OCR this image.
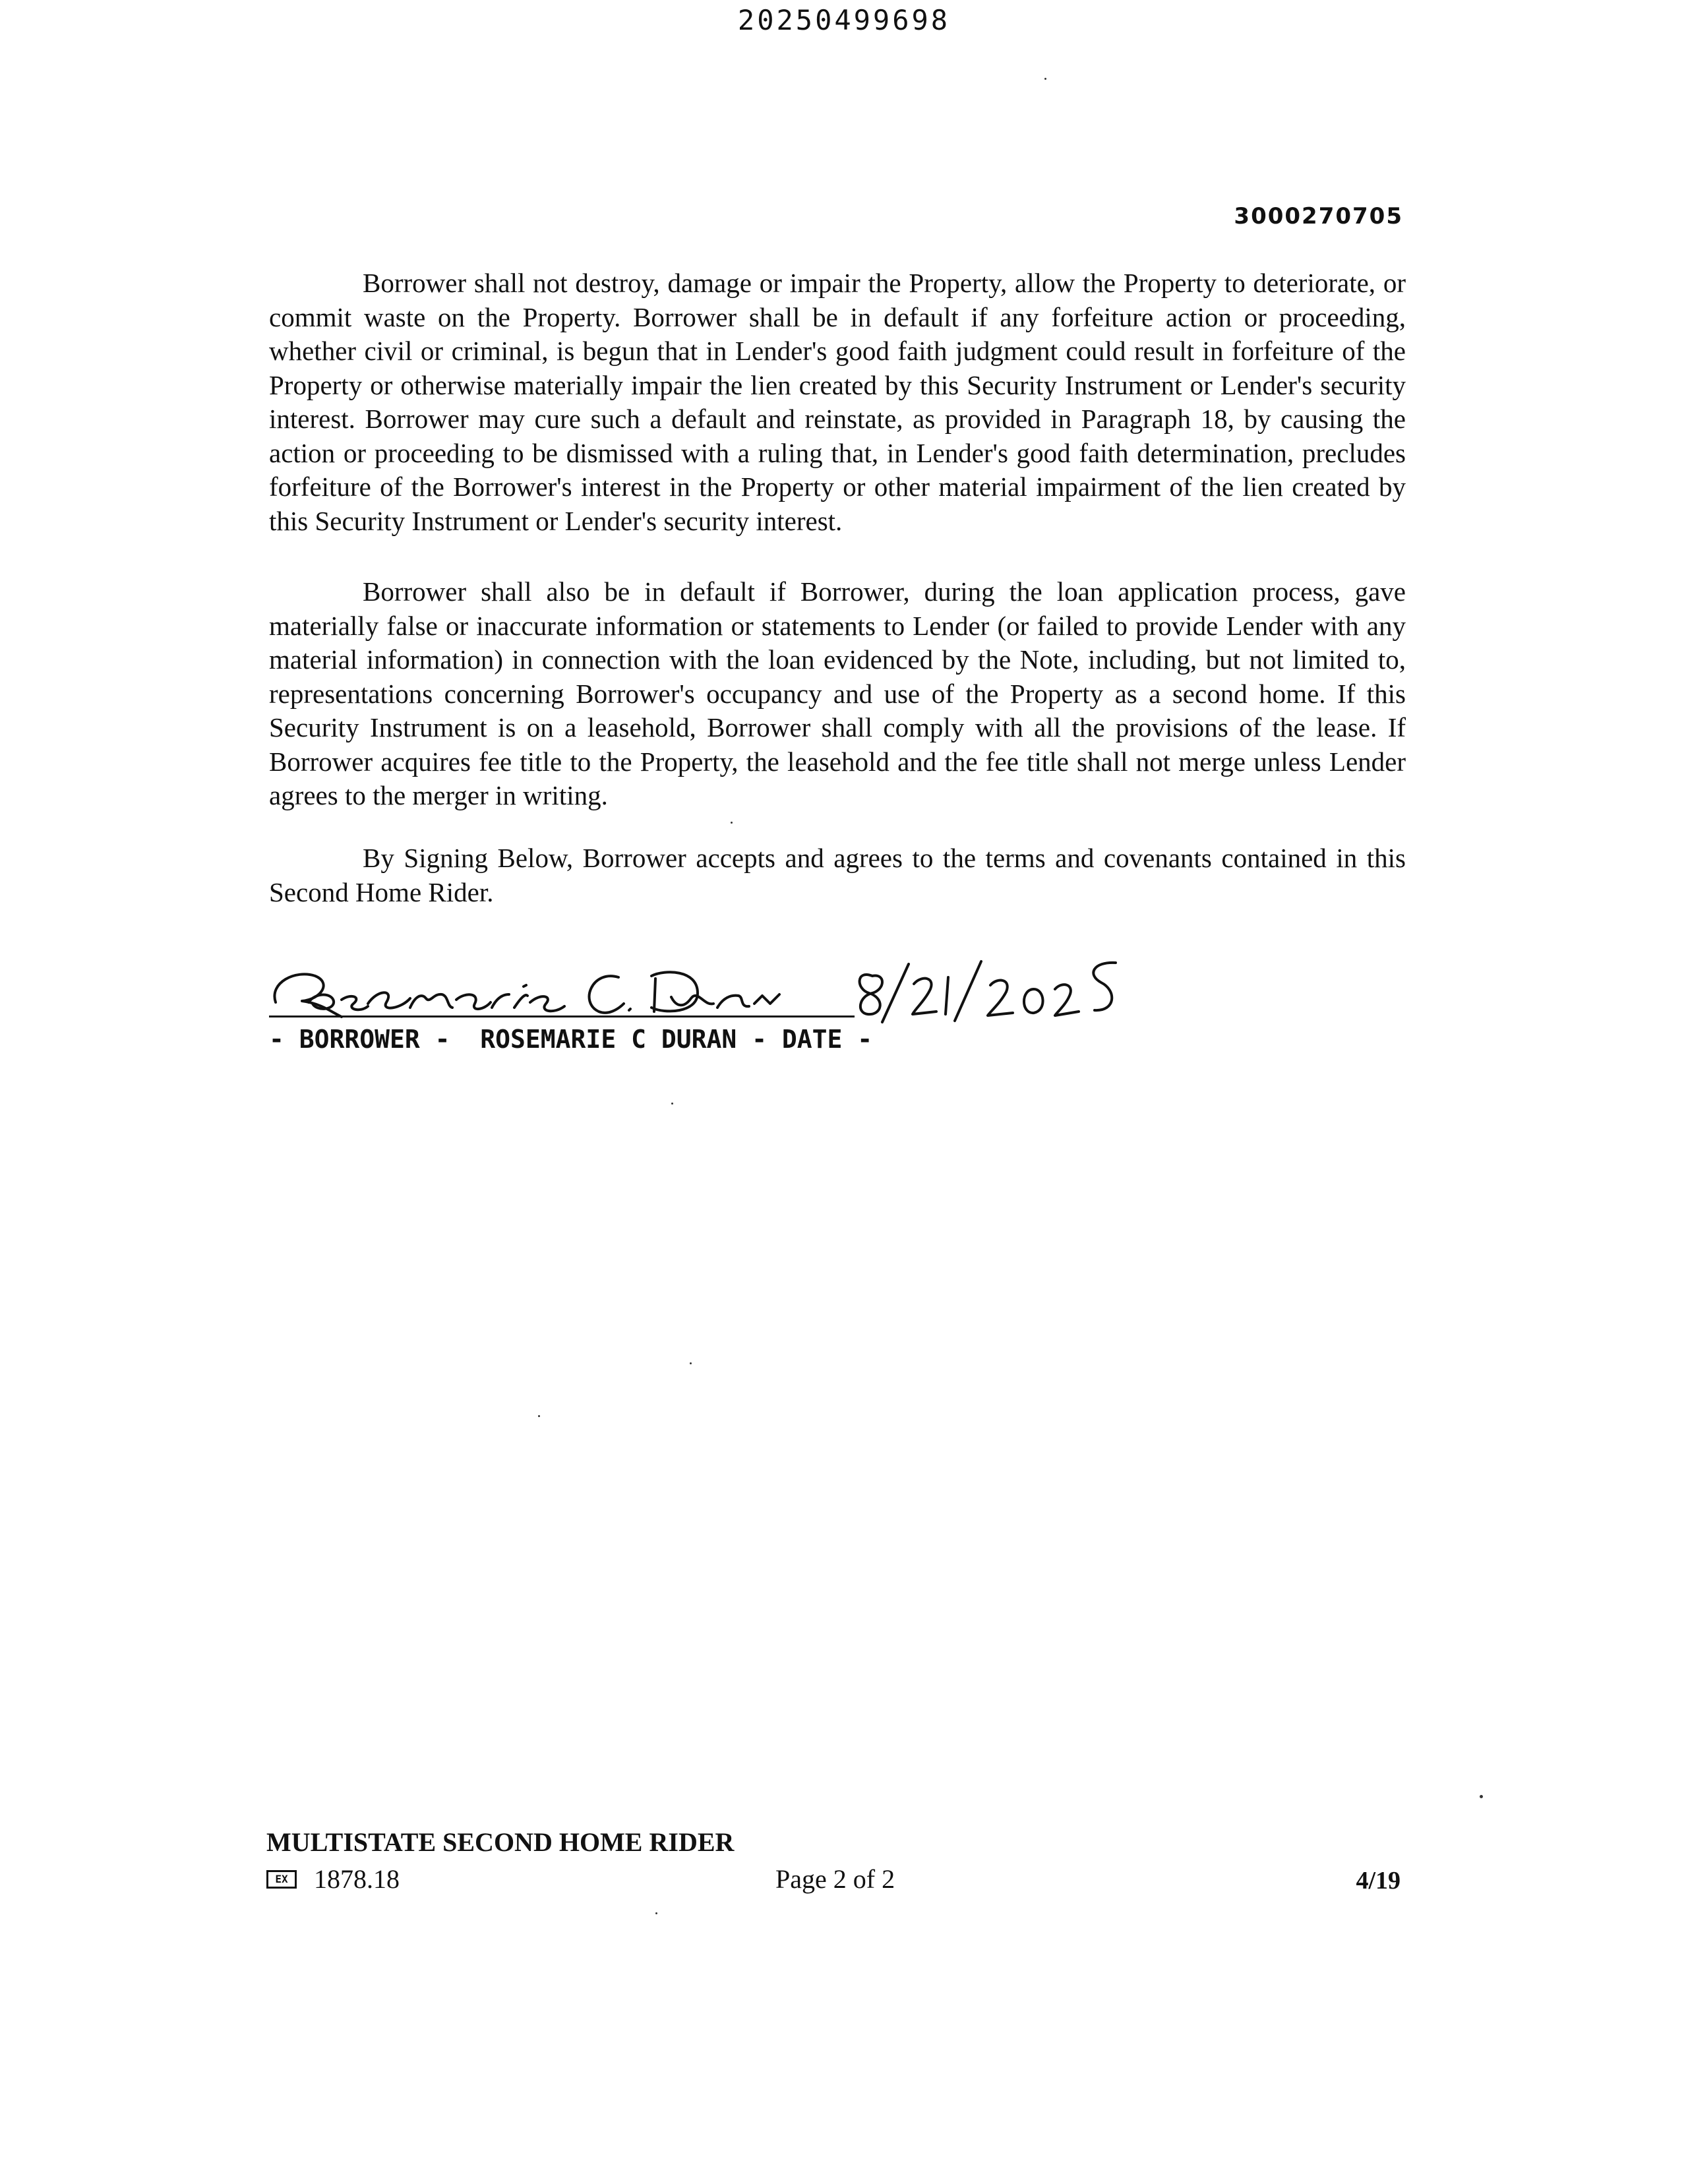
20250499698
3000270705

Borrower shall not destroy, damage or impair the Property, allow the Property to deteriorate, or commit waste on the Property. Borrower shall be in default if any forfeiture action or proceeding, whether civil or criminal, is begun that in Lender's good faith judgment could result in forfeiture of the Property or otherwise materially impair the lien created by this Security Instrument or Lender's security interest. Borrower may cure such a default and reinstate, as provided in Paragraph 18, by causing the action or proceeding to be dismissed with a ruling that, in Lender's good faith determination, precludes forfeiture of the Borrower's interest in the Property or other material impairment of the lien created by this Security Instrument or Lender's security interest.

Borrower shall also be in default if Borrower, during the loan application process, gave materially false or inaccurate information or statements to Lender (or failed to provide Lender with any material information) in connection with the loan evidenced by the Note, including, but not limited to, representations concerning Borrower's occupancy and use of the Property as a second home. If this Security Instrument is on a leasehold, Borrower shall comply with all the provisions of the lease. If Borrower acquires fee title to the Property, the leasehold and the fee title shall not merge unless Lender agrees to the merger in writing.

By Signing Below, Borrower accepts and agrees to the terms and covenants contained in this Second Home Rider.

- BORROWER -  ROSEMARIE C DURAN - DATE -
MULTISTATE SECOND HOME RIDER
EX 1878.18	Page 2 of 2	4/19
